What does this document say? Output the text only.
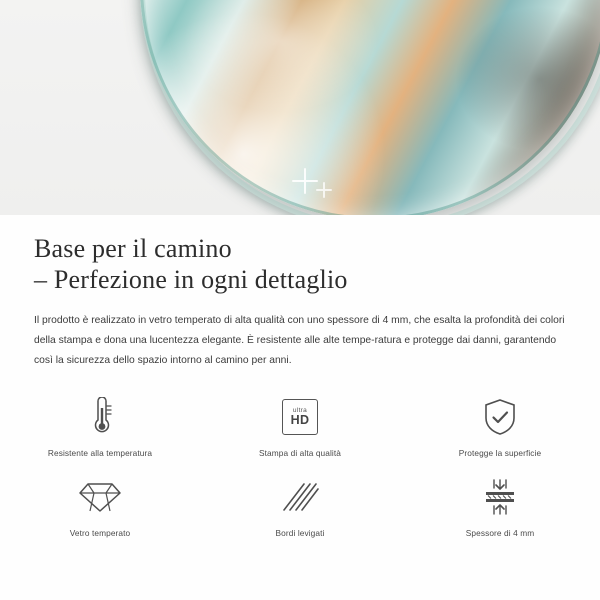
Base per il camino
– Perfezione in ogni dettaglio

Il prodotto è realizzato in vetro temperato di alta qualità con uno spessore di 4 mm, che esalta la profondità dei colori della stampa e dona una lucentezza elegante. È resistente alle alte tempe-ratura e protegge dai danni, garantendo così la sicurezza dello spazio intorno al camino per anni.

Resistente alla temperatura
ultra
HD
Stampa di alta qualità	Protegge la superficie
Vetro temperato	Bordi levigati	Spessore di 4 mm
